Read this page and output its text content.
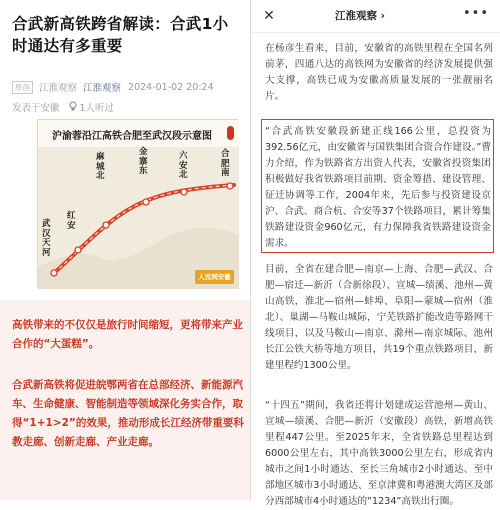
合武新高铁跨省解读：合武1小时通达有多重要
原创 江淮观察 江淮观察 2024-01-02 20:24
发表于安徽 1人听过
沪渝蓉沿江高铁合肥至武汉段示意图
武汉天河
红安
麻城北
金寨东
六安北
合肥南
人民网安徽
高铁带来的不仅仅是旅行时间缩短，更将带来产业合作的“大蛋糕”。
合武新高铁将促进皖鄂两省在总部经济、新能源汽车、生命健康、智能制造等领域深化务实合作，取得“1+1>2”的效果，推动形成长江经济带重要科教走廊、创新走廊、产业走廊。
✕	江淮观察 ›	•••
在杨彦生看来，目前，安徽省的高铁里程在全国名列前茅，四通八达的高铁网为安徽省的经济发展提供强大支撑，高铁已成为安徽高质量发展的一张靓丽名片。
“合武高铁安徽段新建正线166公里，总投资为392.56亿元，由安徽省与国铁集团合资合作建设。”曹力介绍，作为铁路省方出资人代表，安徽省投资集团积极做好我省铁路项目前期、资金筹措、建设管理、征迁协调等工作，2004年来，先后参与投资建设京沪、合武、商合杭、合安等37个铁路项目，累计筹集铁路建设资金960亿元，有力保障我省铁路建设资金需求。
目前，全省在建合肥—南京—上海、合肥—武汉、合肥—宿迁—新沂（合新徐段）、宣城—绩溪、池州—黄山高铁，淮北—宿州—蚌埠、阜阳—蒙城—宿州（淮北）、巢湖—马鞍山城际，宁芜铁路扩能改造等路网干线项目，以及马鞍山—南京、滁州—南京城际、池州长江公铁大桥等地方项目，共19个重点铁路项目，新建里程约1300公里。
“十四五”期间，我省还将计划建成运营池州—黄山、宣城—绩溪、合肥—新沂（安徽段）高铁，新增高铁里程447公里。至2025年末，全省铁路总里程达到6000公里左右，其中高铁3000公里左右，形成省内城市之间1小时通达、至长三角城市2小时通达、至中部地区城市3小时通达、至京津冀和粤港澳大湾区及部分西部城市4小时通达的“1234”高铁出行圈。
